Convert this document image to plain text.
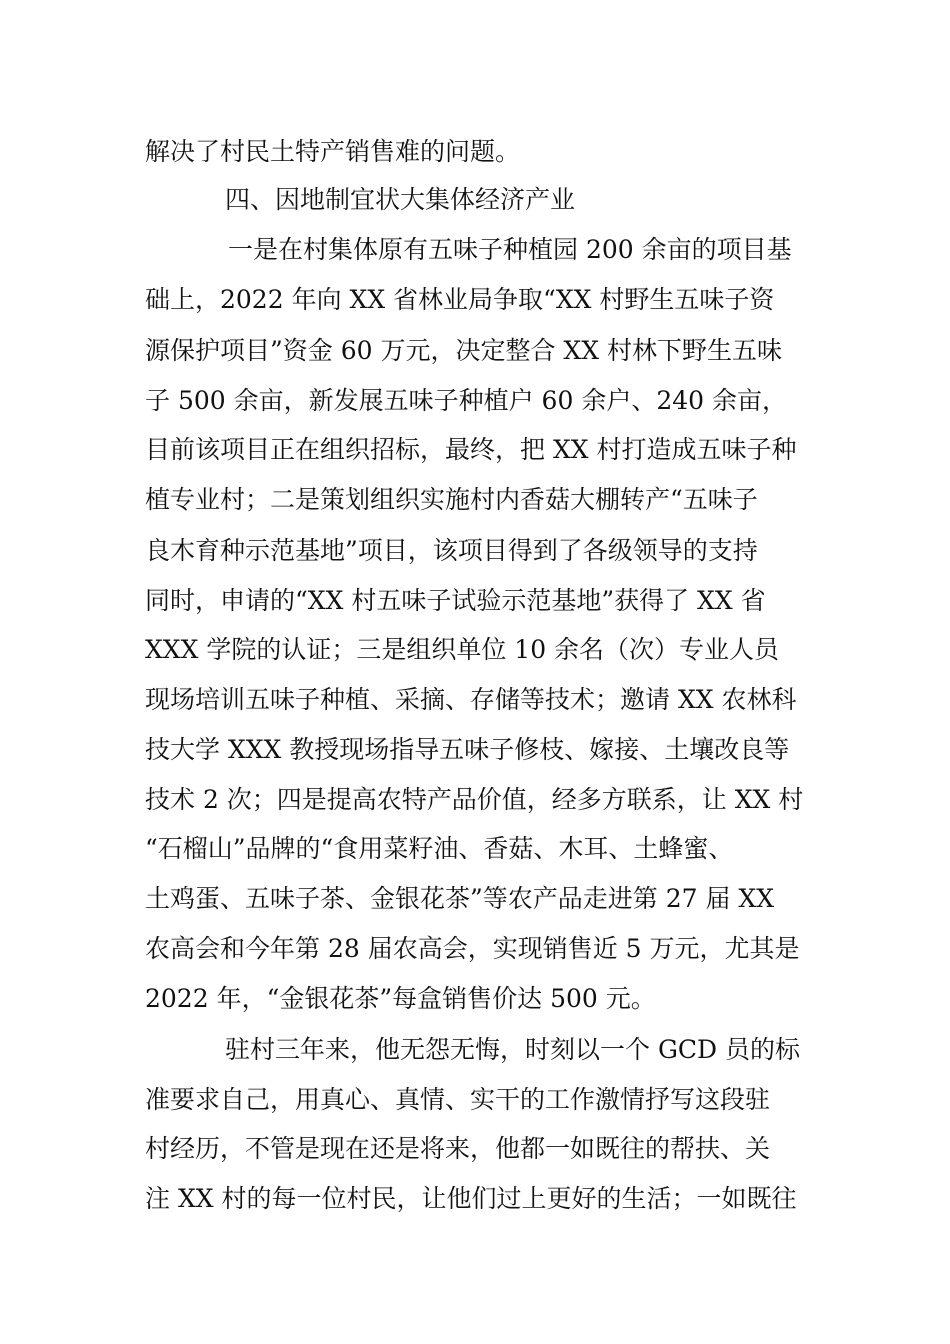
解决了村民土特产销售难的问题。
四、因地制宜状大集体经济产业
一是在村集体原有五味子种植园 200 余亩的项目基
础上，2022 年向 XX 省林业局争取“XX 村野生五味子资
源保护项目”资金 60 万元，决定整合 XX 村林下野生五味
子 500 余亩，新发展五味子种植户 60 余户、240 余亩，
目前该项目正在组织招标，最终，把 XX 村打造成五味子种
植专业村；二是策划组织实施村内香菇大棚转产“五味子
良木育种示范基地”项目，该项目得到了各级领导的支持
同时，申请的“XX 村五味子试验示范基地”获得了 XX 省
XXX 学院的认证；三是组织单位 10 余名（次）专业人员
现场培训五味子种植、采摘、存储等技术；邀请 XX 农林科
技大学 XXX 教授现场指导五味子修枝、嫁接、土壤改良等
技术 2 次；四是提高农特产品价值，经多方联系，让 XX 村
“石榴山”品牌的“食用菜籽油、香菇、木耳、土蜂蜜、
土鸡蛋、五味子茶、金银花茶”等农产品走进第 27 届 XX
农高会和今年第 28 届农高会，实现销售近 5 万元，尤其是
2022 年，“金银花茶”每盒销售价达 500 元。
驻村三年来，他无怨无悔，时刻以一个 GCD 员的标
准要求自己，用真心、真情、实干的工作激情抒写这段驻
村经历，不管是现在还是将来，他都一如既往的帮扶、关
注 XX 村的每一位村民，让他们过上更好的生活；一如既往
